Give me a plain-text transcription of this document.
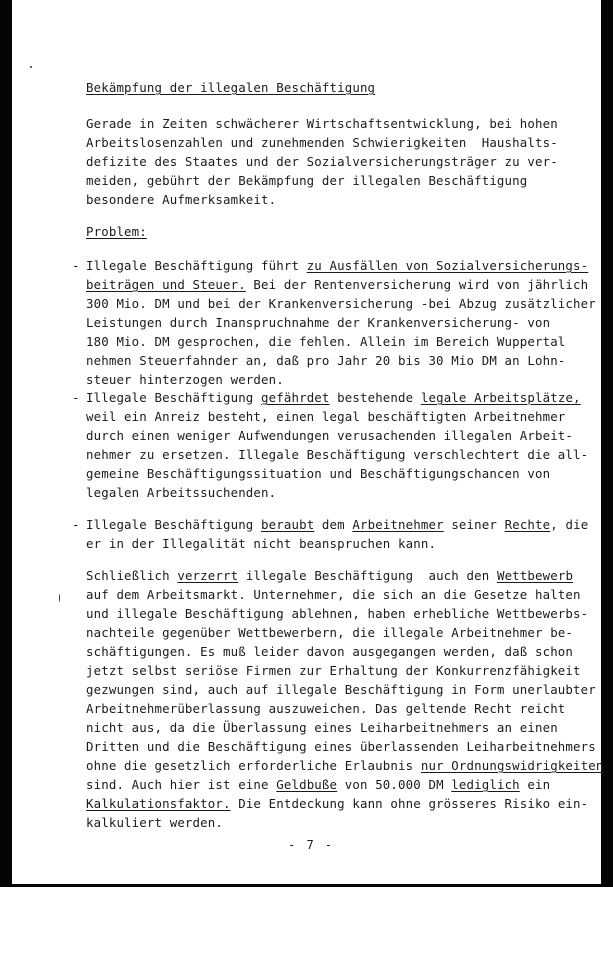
Bekämpfung der illegalen Beschäftigung

Gerade in Zeiten schwächerer Wirtschaftsentwicklung, bei hohen

Arbeitslosenzahlen und zunehmenden Schwierigkeiten  Haushalts-

defizite des Staates und der Sozialversicherungsträger zu ver-

meiden, gebührt der Bekämpfung der illegalen Beschäftigung

besondere Aufmerksamkeit.

Problem:

- Illegale Beschäftigung führt zu Ausfällen von Sozialversicherungs-

beiträgen und Steuer. Bei der Rentenversicherung wird von jährlich

300 Mio. DM und bei der Krankenversicherung -bei Abzug zusätzlicher

Leistungen durch Inanspruchnahme der Krankenversicherung- von

180 Mio. DM gesprochen, die fehlen. Allein im Bereich Wuppertal

nehmen Steuerfahnder an, daß pro Jahr 20 bis 30 Mio DM an Lohn-

steuer hinterzogen werden.

- Illegale Beschäftigung gefährdet bestehende legale Arbeitsplätze,

weil ein Anreiz besteht, einen legal beschäftigten Arbeitnehmer

durch einen weniger Aufwendungen verusachenden illegalen Arbeit-

nehmer zu ersetzen. Illegale Beschäftigung verschlechtert die all-

gemeine Beschäftigungssituation und Beschäftigungschancen von

legalen Arbeitssuchenden.

- Illegale Beschäftigung beraubt dem Arbeitnehmer seiner Rechte, die

er in der Illegalität nicht beanspruchen kann.

Schließlich verzerrt illegale Beschäftigung  auch den Wettbewerb

auf dem Arbeitsmarkt. Unternehmer, die sich an die Gesetze halten

und illegale Beschäftigung ablehnen, haben erhebliche Wettbewerbs-

nachteile gegenüber Wettbewerbern, die illegale Arbeitnehmer be-

schäftigungen. Es muß leider davon ausgegangen werden, daß schon

jetzt selbst seriöse Firmen zur Erhaltung der Konkurrenzfähigkeit

gezwungen sind, auch auf illegale Beschäftigung in Form unerlaubter

Arbeitnehmerüberlassung auszuweichen. Das geltende Recht reicht

nicht aus, da die Überlassung eines Leiharbeitnehmers an einen

Dritten und die Beschäftigung eines überlassenden Leiharbeitnehmers

ohne die gesetzlich erforderliche Erlaubnis nur Ordnungswidrigkeiten

sind. Auch hier ist eine Geldbuße von 50.000 DM lediglich ein

Kalkulationsfaktor. Die Entdeckung kann ohne grösseres Risiko ein-

kalkuliert werden.

- 7 -
